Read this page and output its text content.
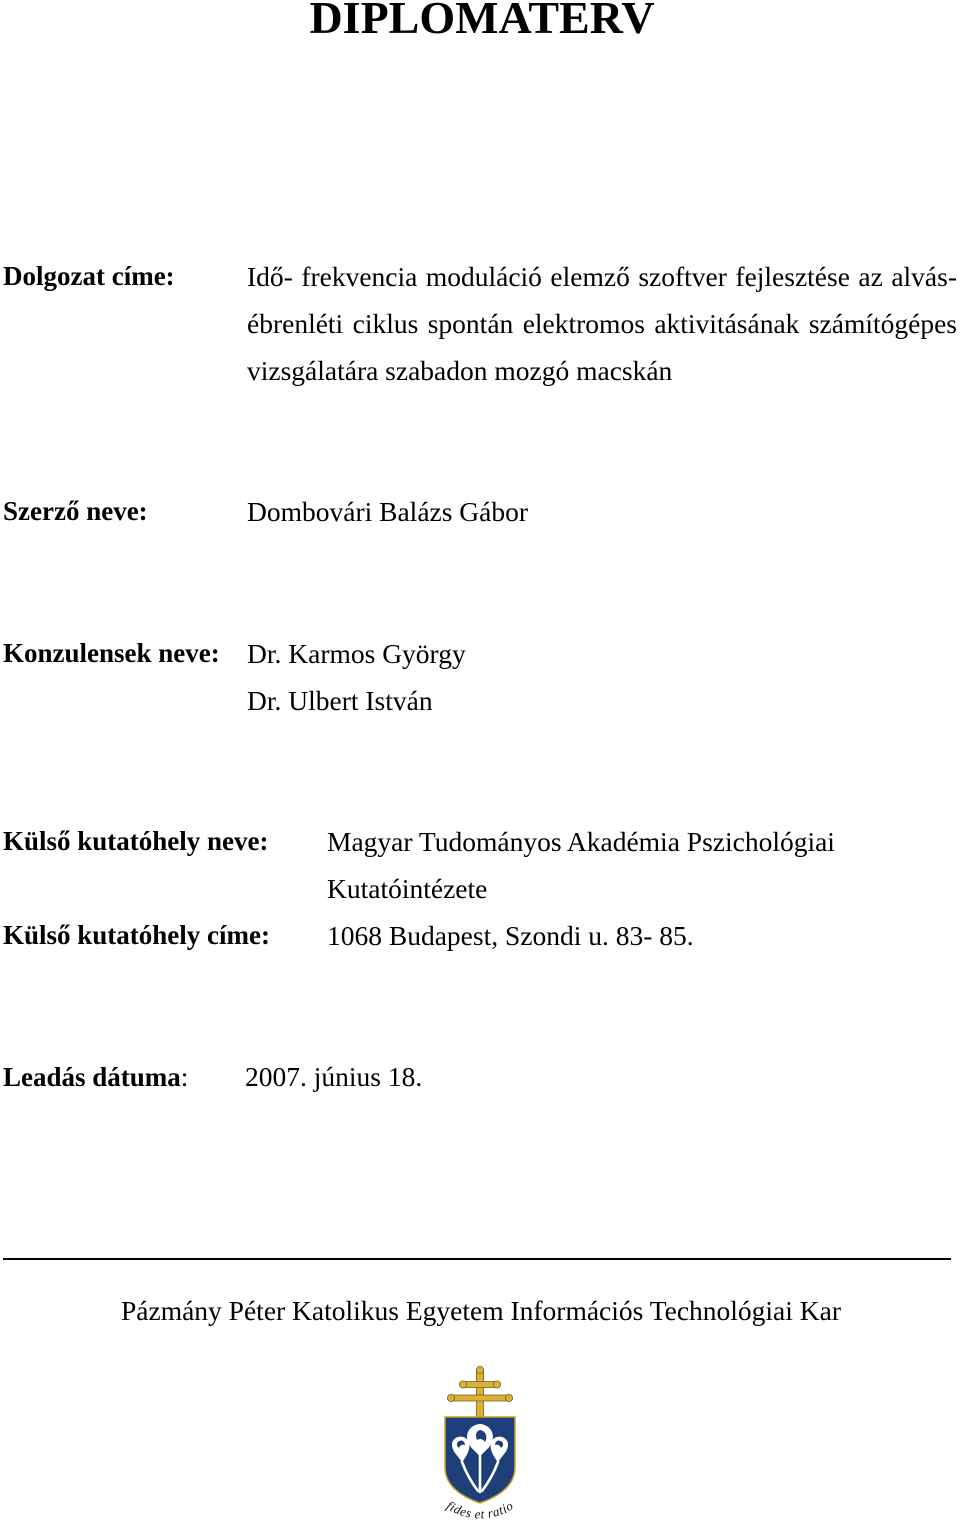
DIPLOMATERV
Dolgozat címe:	Idő- frekvencia moduláció elemző szoftver fejlesztése az alvás-
ébrenléti ciklus spontán elektromos aktivitásának számítógépes
vizsgálatára szabadon mozgó macskán
Szerző neve:	Dombovári Balázs Gábor
Konzulensek neve: Dr. Karmos György
Dr. Ulbert István
Külső kutatóhely neve: Magyar Tudományos Akadémia Pszichológiai
Kutatóintézete
Külső kutatóhely címe: 1068 Budapest, Szondi u. 83- 85.
Leadás dátuma: 2007. június 18.
Pázmány Péter Katolikus Egyetem Információs Technológiai Kar
fides et ratio
